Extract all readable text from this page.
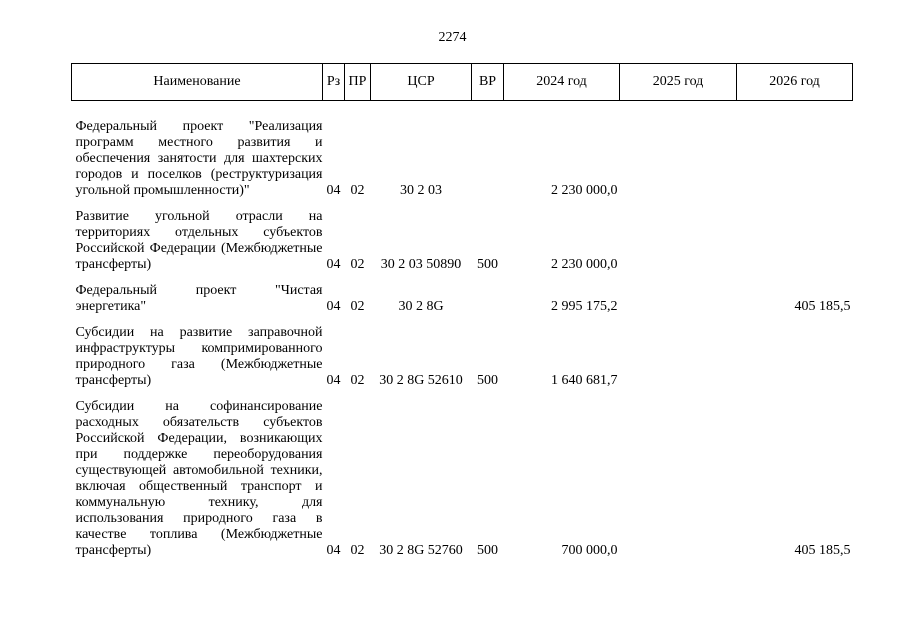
2274
Наименование	Рз	ПР	ЦСР	ВР	2024 год	2025 год	2026 год

Федеральный проект "Реализация программ местного развития и обеспечения занятости для шахтерских городов и поселков (реструктуризация угольной промышленности)"	04	02	30 2 03		2 230 000,0		
Развитие угольной отрасли на территориях отдельных субъектов Российской Федерации (Межбюджетные трансферты)	04	02	30 2 03 50890	500	2 230 000,0		
Федеральный проект "Чистая энергетика"	04	02	30 2 8G		2 995 175,2		405 185,5
Субсидии на развитие заправочной инфраструктуры компримированного природного газа (Межбюджетные трансферты)	04	02	30 2 8G 52610	500	1 640 681,7		
Субсидии на софинансирование расходных обязательств субъектов Российской Федерации, возникающих при поддержке переоборудования существующей автомобильной техники, включая общественный транспорт и коммунальную технику, для использования природного газа в качестве топлива (Межбюджетные трансферты)	04	02	30 2 8G 52760	500	700 000,0		405 185,5
